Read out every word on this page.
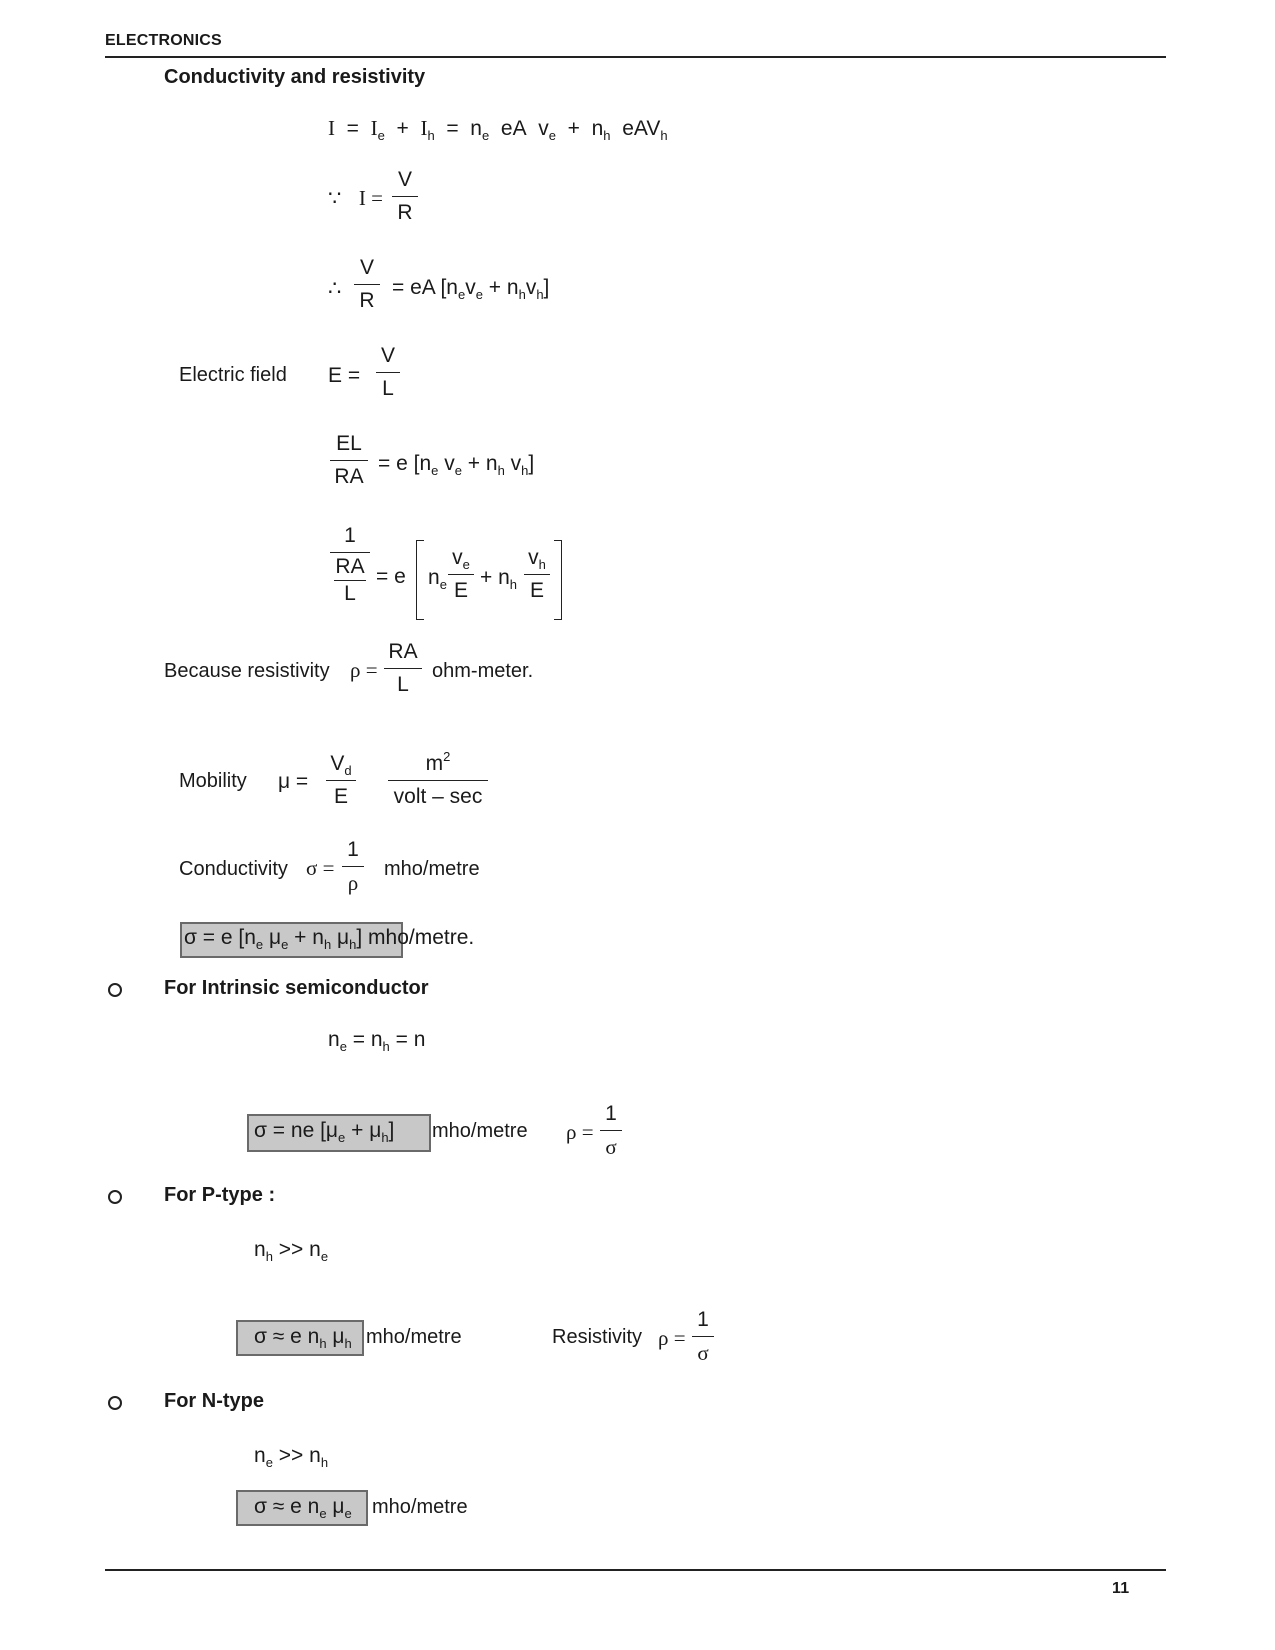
ELECTRONICS
Conductivity and resistivity
$I = I_e + I_h = n_e$ eA $v_e + n_h$ eAV$_h$
∵ I =
V
R
∴
V
R
= eA $[n_ev_e + n_hv_h]$
Electric field E =
V
L
EL
RA
= e [$n_e$ $v_e + n_h$ $v_h$]
1
RA
L
= e $n_e$
$v_e$
E
+ $n_h$
$v_h$
E
Because resistivity ρ =
RA
L
ohm-meter.
Mobility μ =
$V_d$
E
$m^2$
volt – sec
Conductivity σ =
1
ρ
mho/metre
σ = e [$n_e$ $\mu_e + n_h$ $\mu_h$] mho/metre.
For Intrinsic semiconductor
$n_e = n_h = n$
σ = ne $[\mu_e + \mu_h]$ mho/metre ρ =
1
σ
For P-type :
$n_h >> n_e$
σ ≈ e $n_h$ $\mu_h$ mho/metre	Resistivity ρ =
1
σ
For N-type
$n_e >> n_h$
σ ≈ e $n_e$ $\mu_e$ mho/metre
11
